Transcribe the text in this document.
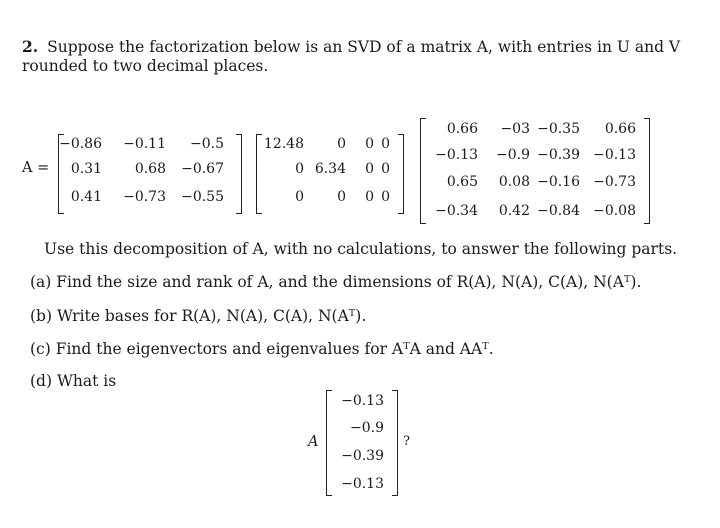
2. Suppose the factorization below is an SVD of a matrix A, with entries in U and V
rounded to two decimal places.
A =
−0.86 −0.11 −0.5
0.31 0.68 −0.67
0.41 −0.73 −0.55
12.48 0 0 0
0 6.34 0 0
0 0 0 0
0.66 −03 −0.35 0.66
−0.13 −0.9 −0.39 −0.13
0.65 0.08 −0.16 −0.73
−0.34 0.42 −0.84 −0.08
Use this decomposition of A, with no calculations, to answer the following parts.
(a) Find the size and rank of A, and the dimensions of R(A), N(A), C(A), N(Aᵀ).
(b) Write bases for R(A), N(A), C(A), N(Aᵀ).
(c) Find the eigenvectors and eigenvalues for AᵀA and AAᵀ.
(d) What is
A
−0.13
−0.9
−0.39
−0.13
?
